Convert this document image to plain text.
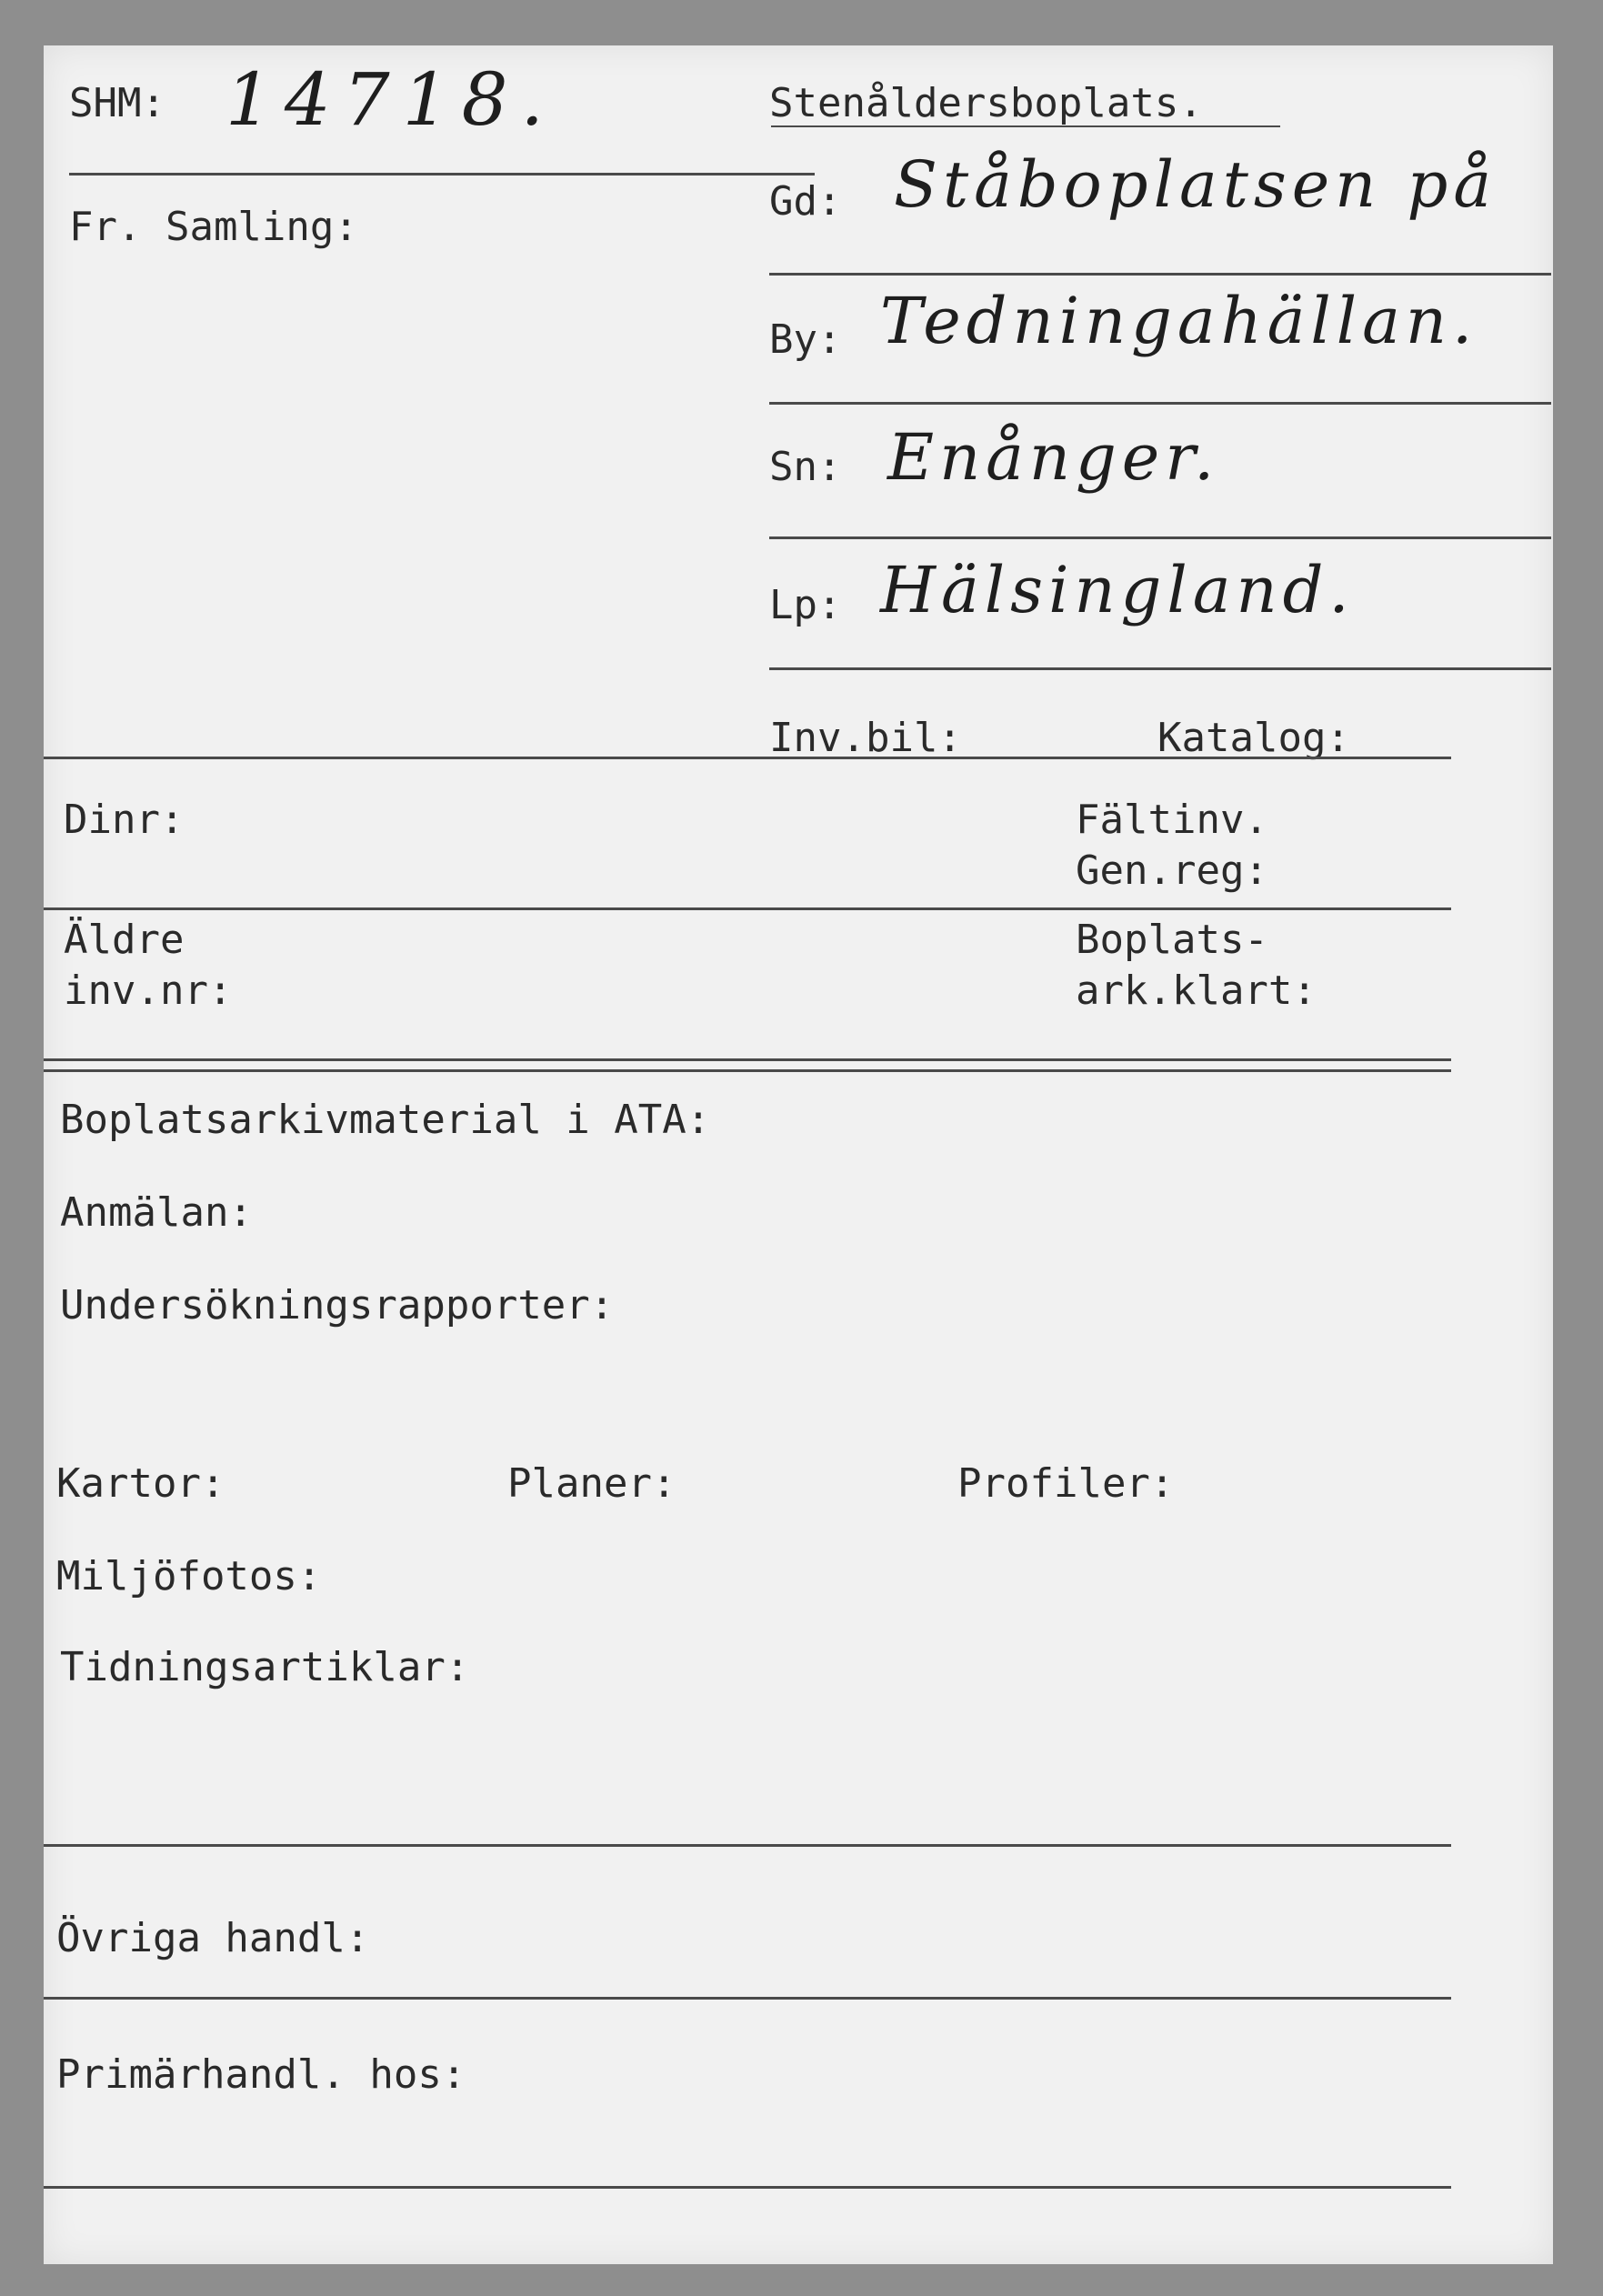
SHM: 14718.
Fr. Samling:
Stenåldersboplats.
Gd: Ståboplatsen på
By: Tedningahällan.
Sn: Enånger.
Lp: Hälsingland.
Inv.bil:	Katalog:
Dinr:	Fältinv.
Gen.reg:
Äldre
inv.nr:
Boplats-
ark.klart:
Boplatsarkivmaterial i ATA:
Anmälan:
Undersökningsrapporter:
Kartor:	Planer:	Profiler:
Miljöfotos:
Tidningsartiklar:
Övriga handl:
Primärhandl. hos:
